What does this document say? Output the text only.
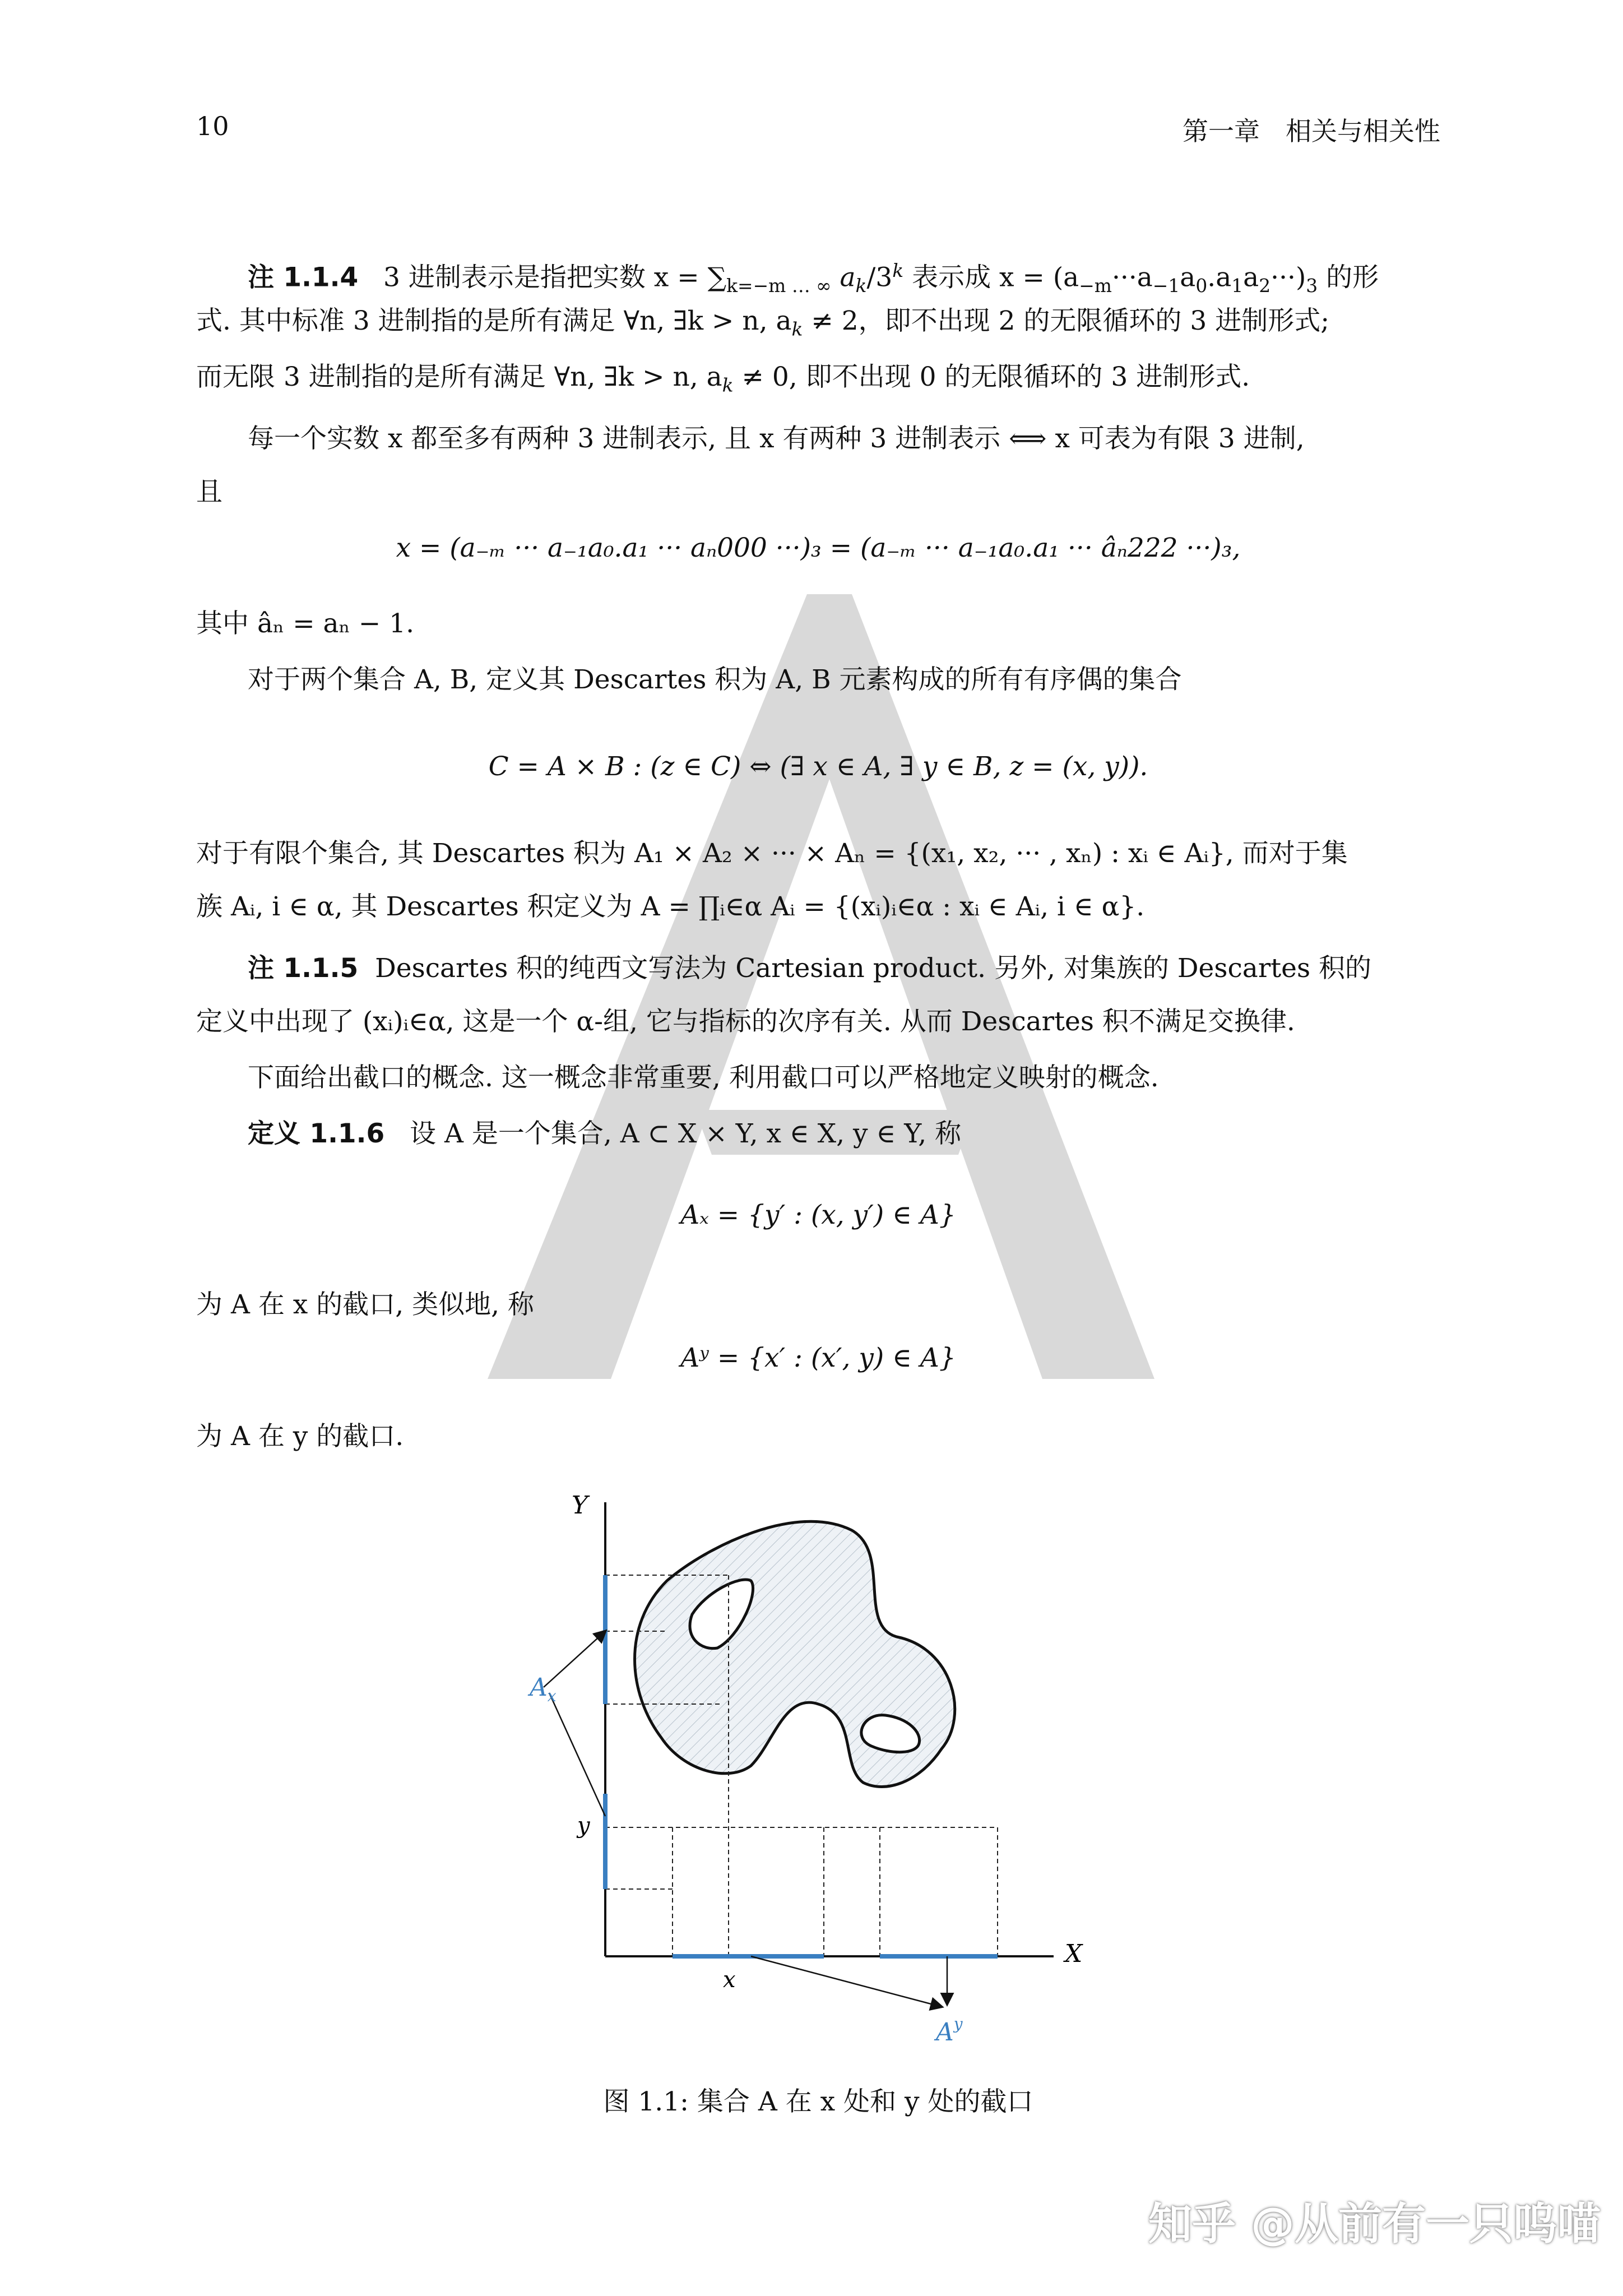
10	第一章　相关与相关性
注 1.1.4 3 进制表示是指把实数 $x = \sum_{k=-m \dots \infty}$ $a_k/3^k$ 表示成 $x = (a_{-m}\cdot\cdot\cdot a_{-1}a_0.a_1a_2\cdot\cdot\cdot)_3$ 的形
式. 其中标准 3 进制指的是所有满足 ∀n, ∃k > n, $a_k \ne 2$，即不出现 2 的无限循环的 3 进制形式;
而无限 3 进制指的是所有满足 ∀n, ∃k > n, $a_k \ne 0$, 即不出现 0 的无限循环的 3 进制形式.
每一个实数 x 都至多有两种 3 进制表示, 且 x 有两种 3 进制表示 ⟺ x 可表为有限 3 进制,
且
x = (a₋ₘ ··· a₋₁a₀.a₁ ··· aₙ000 ···)₃ = (a₋ₘ ··· a₋₁a₀.a₁ ··· âₙ222 ···)₃,
其中 âₙ = aₙ − 1.
对于两个集合 A, B, 定义其 Descartes 积为 A, B 元素构成的所有有序偶的集合
C = A × B : (z ∈ C) ⇔ (∃ x ∈ A, ∃ y ∈ B, z = (x, y)).
对于有限个集合, 其 Descartes 积为 A₁ × A₂ × ··· × Aₙ = {(x₁, x₂, ··· , xₙ) : xᵢ ∈ Aᵢ}, 而对于集
族 Aᵢ, i ∈ α, 其 Descartes 积定义为 A = ∏ᵢ∈α Aᵢ = {(xᵢ)ᵢ∈α : xᵢ ∈ Aᵢ, i ∈ α}.
注 1.1.5 Descartes 积的纯西文写法为 Cartesian product. 另外, 对集族的 Descartes 积的
定义中出现了 (xᵢ)ᵢ∈α, 这是一个 α-组, 它与指标的次序有关. 从而 Descartes 积不满足交换律.
下面给出截口的概念. 这一概念非常重要, 利用截口可以严格地定义映射的概念.
定义 1.1.6 设 A 是一个集合, A ⊂ X × Y, x ∈ X, y ∈ Y, 称
Aₓ = {y′ : (x, y′) ∈ A}
为 A 在 x 的截口, 类似地, 称
Aʸ = {x′ : (x′, y) ∈ A}
为 A 在 y 的截口.
Y
X
x
y
$A_x$
$A^y$
图 1.1: 集合 A 在 x 处和 y 处的截口
知乎 @从前有一只呜喵
